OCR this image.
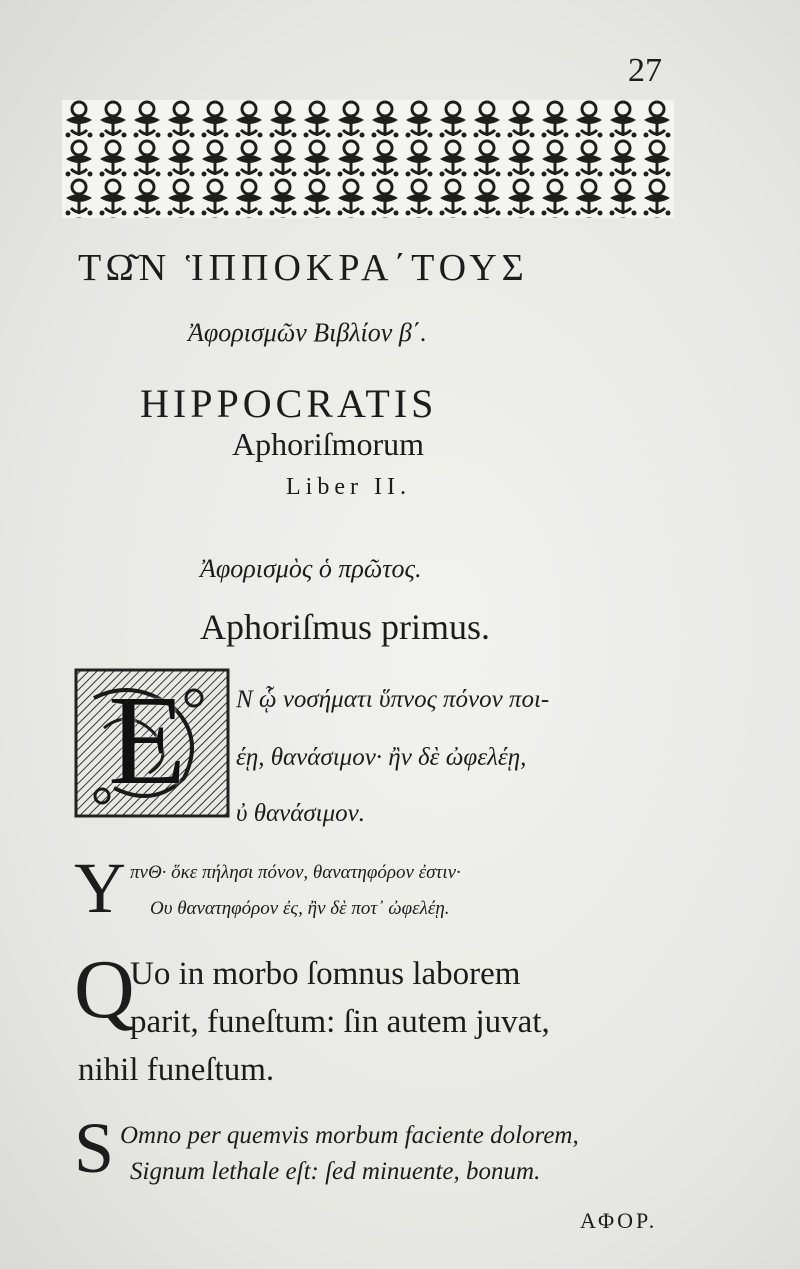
27
ΤΩ͂Ν ἹΠΠΟΚΡΑ΄ΤΟΥΣ
Ἀφορισμῶν Βιβλίον β΄.
HIPPOCRATIS
Aphoriſmorum
Liber II.
Ἀφορισμὸς ὁ πρῶτος.
Aphoriſmus primus.
E Ν ᾧ νοσήματι ὕπνος πόνον ποι-
έῃ, θανάσιμον· ἢν δὲ ὠφελέῃ,
ὐ θανάσιμον.
Y πνΘ· ὅκε πήλησι πόνον, θανατηφόρον ἐστιν·
Ου θανατηφόρον ἐς, ἢν δὲ ποτ᾽ ὠφελέῃ.
Q
Uo in morbo ſomnus laborem
parit, funeſtum: ſin autem juvat,
nihil funeſtum.
S Omno per quemvis morbum faciente dolorem,
Signum lethale eſt: ſed minuente, bonum.
ΑΦΟΡ.
